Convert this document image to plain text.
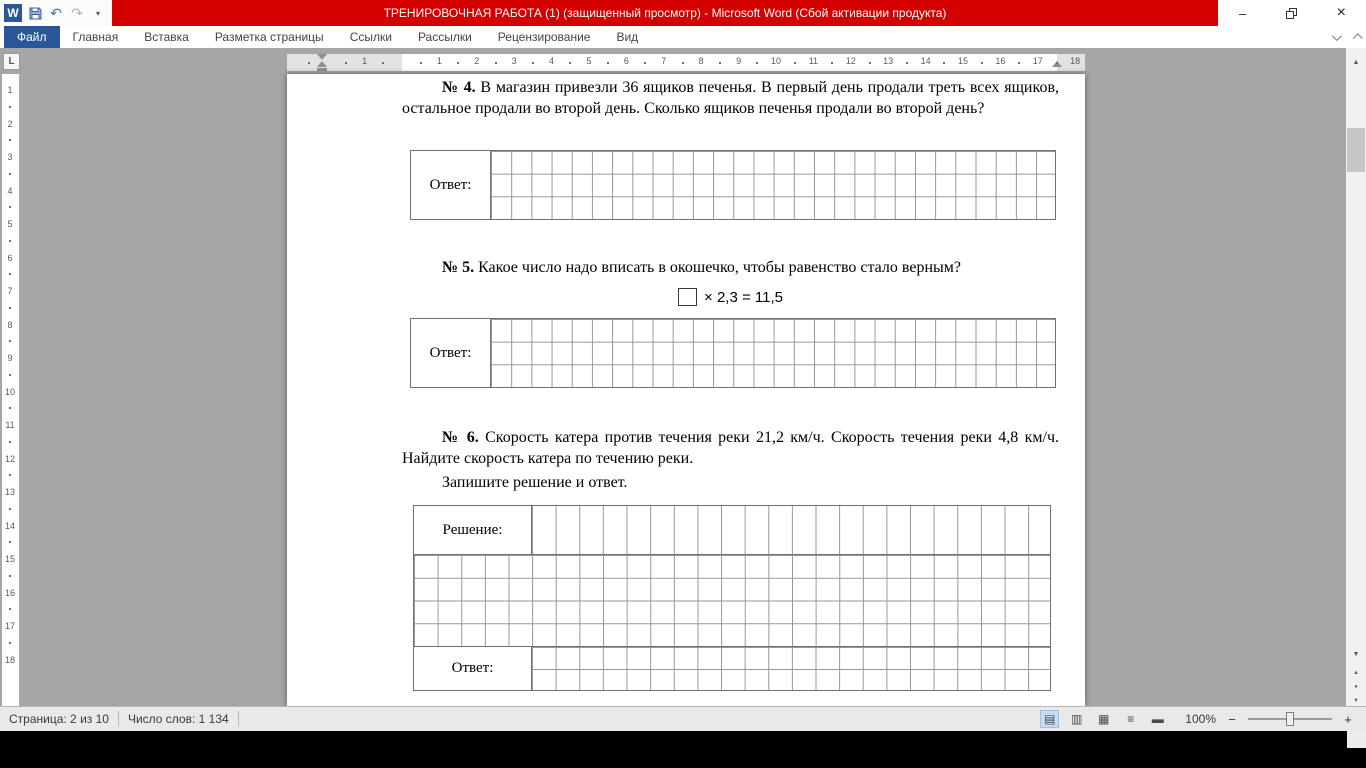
W ↶ ↷	▾	ТРЕНИРОВОЧНАЯ РАБОТА (1) (защищенный просмотр) - Microsoft Word (Сбой активации продукта)	–	×
Файл	Главная	Вставка	Разметка страницы	Ссылки	Рассылки	Рецензирование	Вид
L	1	2	3	4	5	6	7	8	9	10	11	12	13	14	15	16	17	18
1
1
2
3
4
5
6
7
8
9
10
11
12
13
14
15
16
17
18
№ 4. В магазин привезли 36 ящиков печенья. В первый день продали треть всех ящиков, остальное продали во второй день. Сколько ящиков печенья продали во второй день?
Ответ:
№ 5. Какое число надо вписать в окошечко, чтобы равенство стало верным?
× 2,3 = 11,5
Ответ:
№ 6. Скорость катера против течения реки 21,2 км/ч. Скорость течения реки 4,8 км/ч. Найдите скорость катера по течению реки.
Запишите решение и ответ.
Решение:
Ответ:
▲
▼
▲
●
▼
Страница: 2 из 10	Число слов: 1 134	▤	▥	▦	≡	▬ 100% −	+
